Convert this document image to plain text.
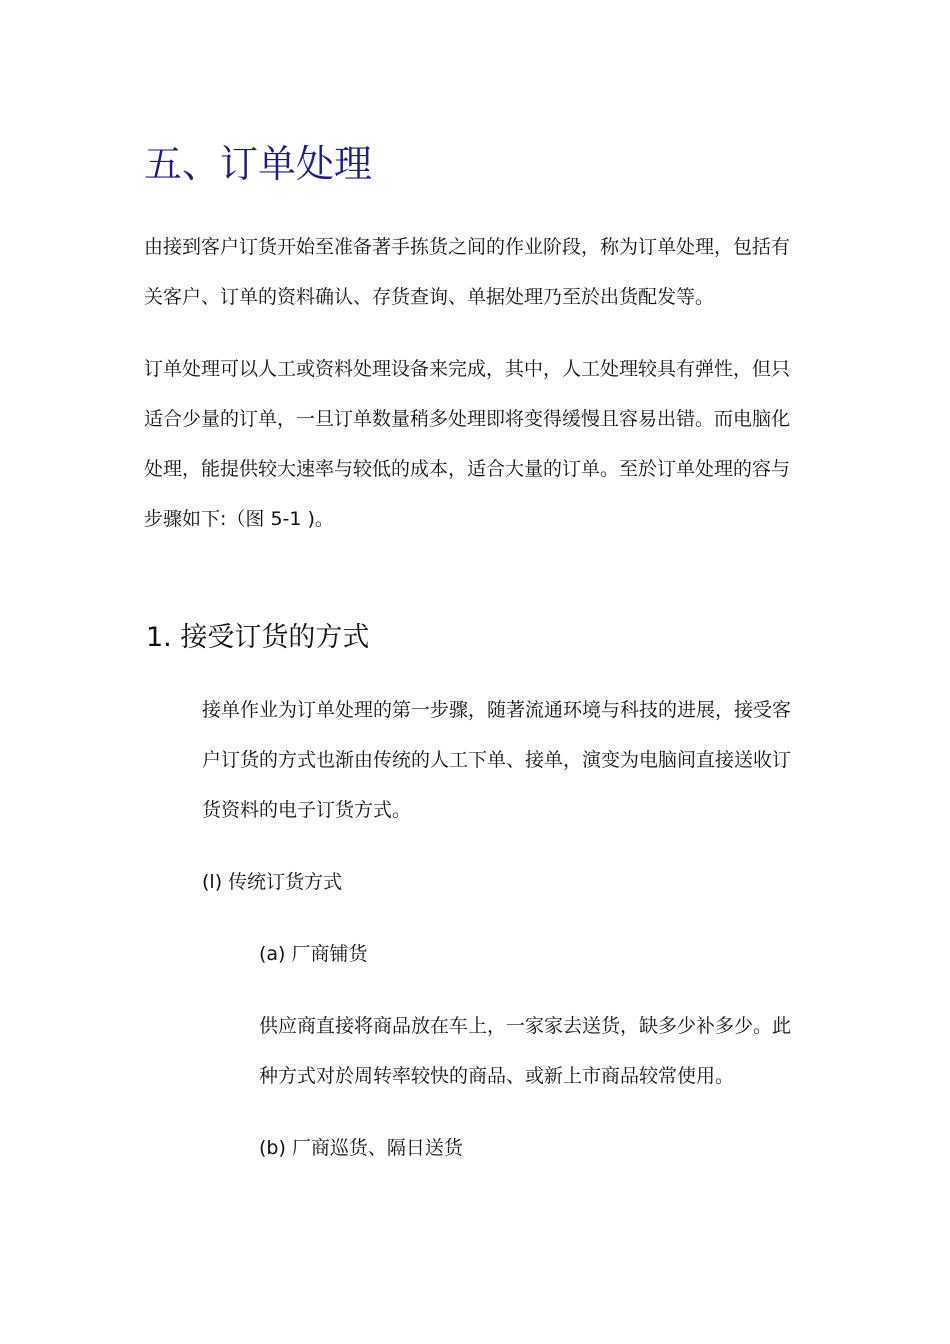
五、订单处理

由接到客户订货开始至准备著手拣货之间的作业阶段，称为订单处理，包括有
关客户、订单的资料确认、存货查询、单据处理乃至於出货配发等。

订单处理可以人工或资料处理设备来完成，其中，人工处理较具有弹性，但只
适合少量的订单，一旦订单数量稍多处理即将变得缓慢且容易出错。而电脑化
处理，能提供较大速率与较低的成本，适合大量的订单。至於订单处理的容与
步骤如下:（图 5-1 )。

1. 接受订货的方式

接单作业为订单处理的第一步骤，随著流通环境与科技的进展，接受客
户订货的方式也渐由传统的人工下单、接单，演变为电脑间直接送收订
货资料的电子订货方式。

(l) 传统订货方式

(a) 厂商铺货

供应商直接将商品放在车上，一家家去送货，缺多少补多少。此
种方式对於周转率较快的商品、或新上市商品较常使用。

(b) 厂商巡货、隔日送货
